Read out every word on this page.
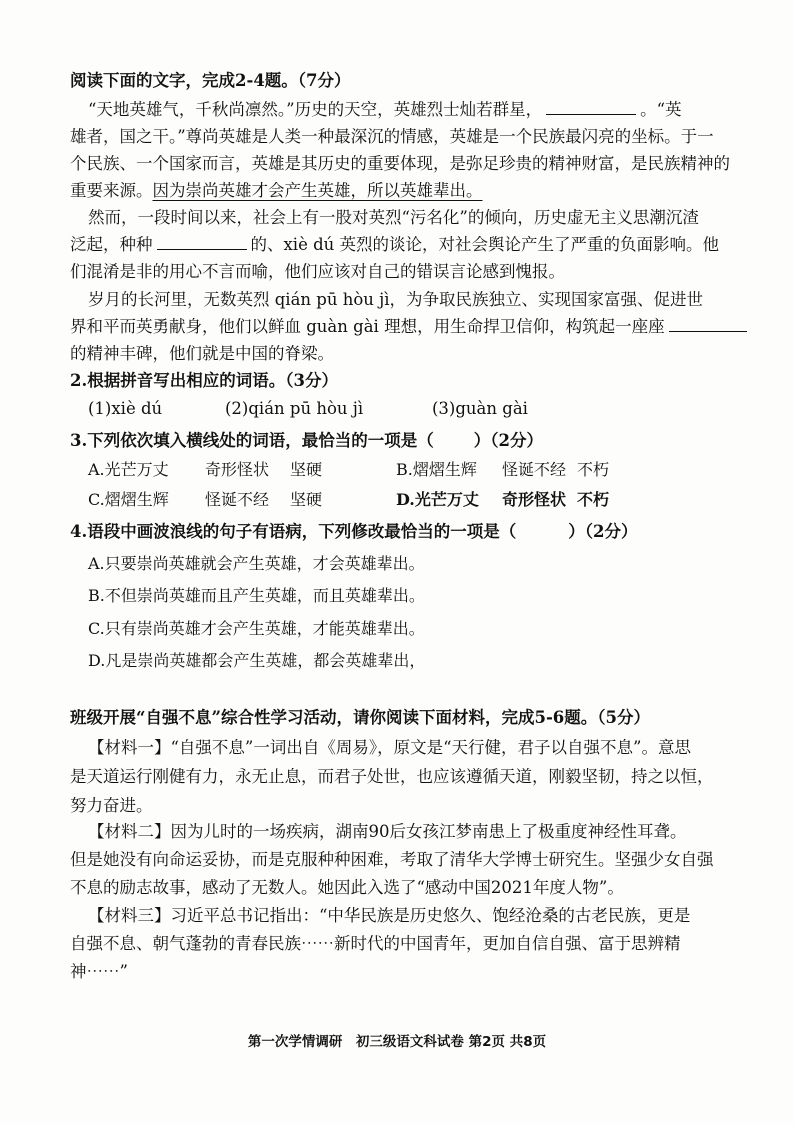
阅读下面的文字，完成2-4题。（7分）
“天地英雄气，千秋尚凛然。”历史的天空，英雄烈士灿若群星，	。“英
雄者，国之干。”尊尚英雄是人类一种最深沉的情感，英雄是一个民族最闪亮的坐标。于一
个民族、一个国家而言，英雄是其历史的重要体现，是弥足珍贵的精神财富，是民族精神的
重要来源。因为崇尚英雄才会产生英雄，所以英雄辈出。
然而，一段时间以来，社会上有一股对英烈“污名化”的倾向，历史虚无主义思潮沉渣
泛起，种种	的、xiè dú 英烈的谈论，对社会舆论产生了严重的负面影响。他
们混淆是非的用心不言而喻，他们应该对自己的错误言论感到愧报。
岁月的长河里，无数英烈 qián pū hòu jì，为争取民族独立、实现国家富强、促进世
界和平而英勇献身，他们以鲜血 guàn gài 理想，用生命捍卫信仰，构筑起一座座
的精神丰碑，他们就是中国的脊梁。
2.根据拼音写出相应的词语。（3分）
(1)xiè dú	(2)qián pū hòu jì	(3)guàn gài
3.下列依次填入横线处的词语，最恰当的一项是（ ）（2分）
A.光芒万丈 奇形怪状 坚硬	B.熠熠生辉 怪诞不经 不朽
C.熠熠生辉 怪诞不经 坚硬	D.光芒万丈 奇形怪状 不朽
4.语段中画波浪线的句子有语病，下列修改最恰当的一项是（	）（2分）
A.只要崇尚英雄就会产生英雄，才会英雄辈出。
B.不但崇尚英雄而且产生英雄，而且英雄辈出。
C.只有崇尚英雄才会产生英雄，才能英雄辈出。
D.凡是崇尚英雄都会产生英雄，都会英雄辈出，
班级开展“自强不息”综合性学习活动，请你阅读下面材料，完成5-6题。（5分）
【材料一】“自强不息”一词出自《周易》，原文是“天行健，君子以自强不息”。意思
是天道运行刚健有力，永无止息，而君子处世，也应该遵循天道，刚毅坚韧，持之以恒，
努力奋进。
【材料二】因为儿时的一场疾病，湖南90后女孩江梦南患上了极重度神经性耳聋。
但是她没有向命运妥协，而是克服种种困难，考取了清华大学博士研究生。坚强少女自强
不息的励志故事，感动了无数人。她因此入选了“感动中国2021年度人物”。
【材料三】习近平总书记指出：“中华民族是历史悠久、饱经沧桑的古老民族，更是
自强不息、朝气蓬勃的青春民族⋯⋯新时代的中国青年，更加自信自强、富于思辨精
神⋯⋯”
第一次学情调研　初三级语文科试卷 第2页 共8页
